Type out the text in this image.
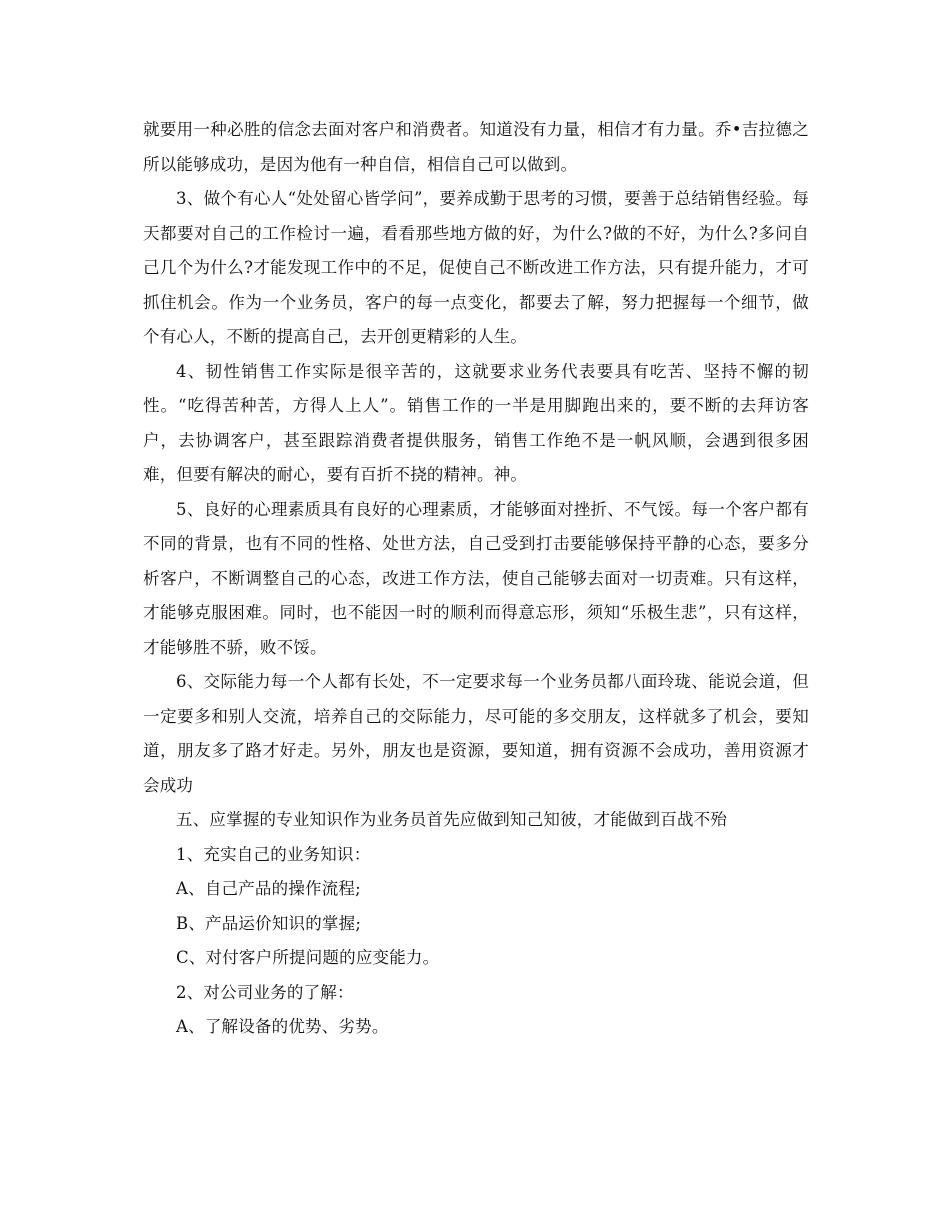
就要用一种必胜的信念去面对客户和消费者。知道没有力量，相信才有力量。乔•吉拉德之所以能够成功，是因为他有一种自信，相信自己可以做到。

3、做个有心人“处处留心皆学问”，要养成勤于思考的习惯，要善于总结销售经验。每天都要对自己的工作检讨一遍，看看那些地方做的好，为什么?做的不好，为什么?多问自己几个为什么?才能发现工作中的不足，促使自己不断改进工作方法，只有提升能力，才可抓住机会。作为一个业务员，客户的每一点变化，都要去了解，努力把握每一个细节，做个有心人，不断的提高自己，去开创更精彩的人生。

4、韧性销售工作实际是很辛苦的，这就要求业务代表要具有吃苦、坚持不懈的韧性。“吃得苦种苦，方得人上人”。销售工作的一半是用脚跑出来的，要不断的去拜访客户，去协调客户，甚至跟踪消费者提供服务，销售工作绝不是一帆风顺，会遇到很多困难，但要有解决的耐心，要有百折不挠的精神。神。

5、良好的心理素质具有良好的心理素质，才能够面对挫折、不气馁。每一个客户都有不同的背景，也有不同的性格、处世方法，自己受到打击要能够保持平静的心态，要多分析客户，不断调整自己的心态，改进工作方法，使自己能够去面对一切责难。只有这样，才能够克服困难。同时，也不能因一时的顺利而得意忘形，须知“乐极生悲”，只有这样，才能够胜不骄，败不馁。

6、交际能力每一个人都有长处，不一定要求每一个业务员都八面玲珑、能说会道，但一定要多和别人交流，培养自己的交际能力，尽可能的多交朋友，这样就多了机会，要知道，朋友多了路才好走。另外，朋友也是资源，要知道，拥有资源不会成功，善用资源才会成功

五、应掌握的专业知识作为业务员首先应做到知己知彼，才能做到百战不殆

1、充实自己的业务知识：

A、自己产品的操作流程;

B、产品运价知识的掌握;

C、对付客户所提问题的应变能力。

2、对公司业务的了解：

A、了解设备的优势、劣势。
